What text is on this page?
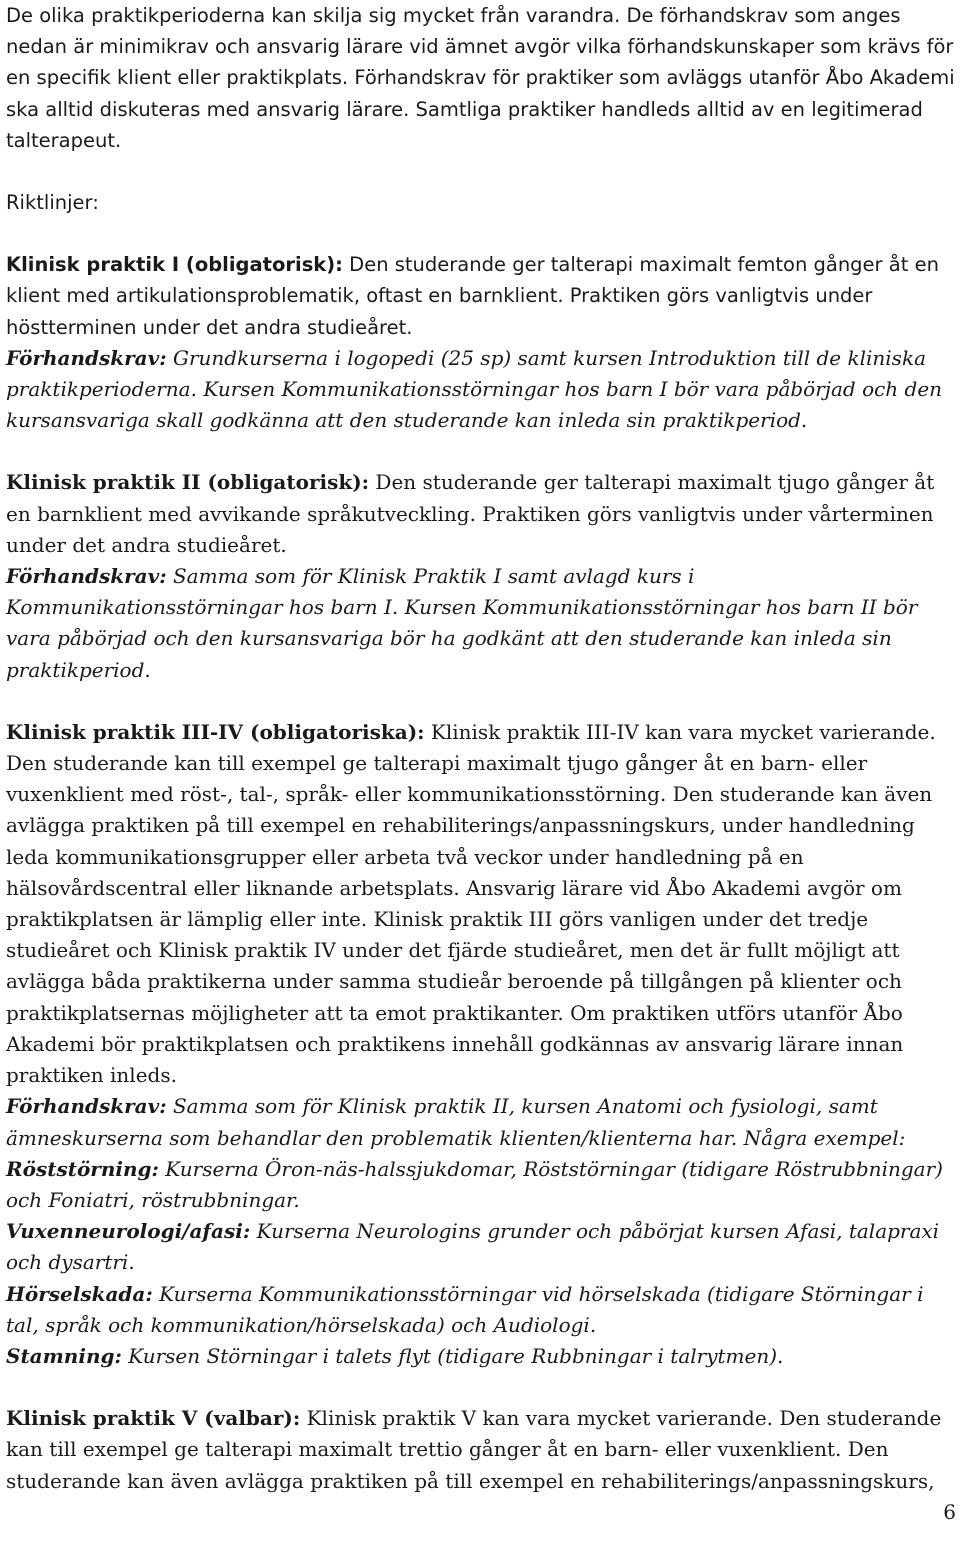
De olika praktikperioderna kan skilja sig mycket från varandra. De förhandskrav som anges nedan är minimikrav och ansvarig lärare vid ämnet avgör vilka förhandskunskaper som krävs för en specifik klient eller praktikplats. Förhandskrav för praktiker som avläggs utanför Åbo Akademi ska alltid diskuteras med ansvarig lärare. Samtliga praktiker handleds alltid av en legitimerad talterapeut.

Riktlinjer:

Klinisk praktik I (obligatorisk): Den studerande ger talterapi maximalt femton gånger åt en klient med artikulationsproblematik, oftast en barnklient. Praktiken görs vanligtvis under höstterminen under det andra studieåret.

Förhandskrav: Grundkurserna i logopedi (25 sp) samt kursen Introduktion till de kliniska praktikperioderna. Kursen Kommunikationsstörningar hos barn I bör vara påbörjad och den kursansvariga skall godkänna att den studerande kan inleda sin praktikperiod.

Klinisk praktik II (obligatorisk): Den studerande ger talterapi maximalt tjugo gånger åt en barnklient med avvikande språkutveckling. Praktiken görs vanligtvis under vårterminen under det andra studieåret.

Förhandskrav: Samma som för Klinisk Praktik I samt avlagd kurs i Kommunikationsstörningar hos barn I. Kursen Kommunikationsstörningar hos barn II bör vara påbörjad och den kursansvariga bör ha godkänt att den studerande kan inleda sin praktikperiod.

Klinisk praktik III-IV (obligatoriska): Klinisk praktik III-IV kan vara mycket varierande. Den studerande kan till exempel ge talterapi maximalt tjugo gånger åt en barn- eller vuxenklient med röst-, tal-, språk- eller kommunikationsstörning. Den studerande kan även avlägga praktiken på till exempel en rehabiliterings/anpassningskurs, under handledning leda kommunikationsgrupper eller arbeta två veckor under handledning på en hälsovårdscentral eller liknande arbetsplats. Ansvarig lärare vid Åbo Akademi avgör om praktikplatsen är lämplig eller inte. Klinisk praktik III görs vanligen under det tredje studieåret och Klinisk praktik IV under det fjärde studieåret, men det är fullt möjligt att avlägga båda praktikerna under samma studieår beroende på tillgången på klienter och praktikplatsernas möjligheter att ta emot praktikanter. Om praktiken utförs utanför Åbo Akademi bör praktikplatsen och praktikens innehåll godkännas av ansvarig lärare innan praktiken inleds.

Förhandskrav: Samma som för Klinisk praktik II, kursen Anatomi och fysiologi, samt ämneskurserna som behandlar den problematik klienten/klienterna har. Några exempel:

Röststörning: Kurserna Öron-näs-halssjukdomar, Röststörningar (tidigare Röstrubbningar) och Foniatri, röstrubbningar.

Vuxenneurologi/afasi: Kurserna Neurologins grunder och påbörjat kursen Afasi, talapraxi och dysartri.

Hörselskada: Kurserna Kommunikationsstörningar vid hörselskada (tidigare Störningar i tal, språk och kommunikation/hörselskada) och Audiologi.

Stamning: Kursen Störningar i talets flyt (tidigare Rubbningar i talrytmen).

Klinisk praktik V (valbar): Klinisk praktik V kan vara mycket varierande. Den studerande kan till exempel ge talterapi maximalt trettio gånger åt en barn- eller vuxenklient. Den studerande kan även avlägga praktiken på till exempel en rehabiliterings/anpassningskurs,

6
